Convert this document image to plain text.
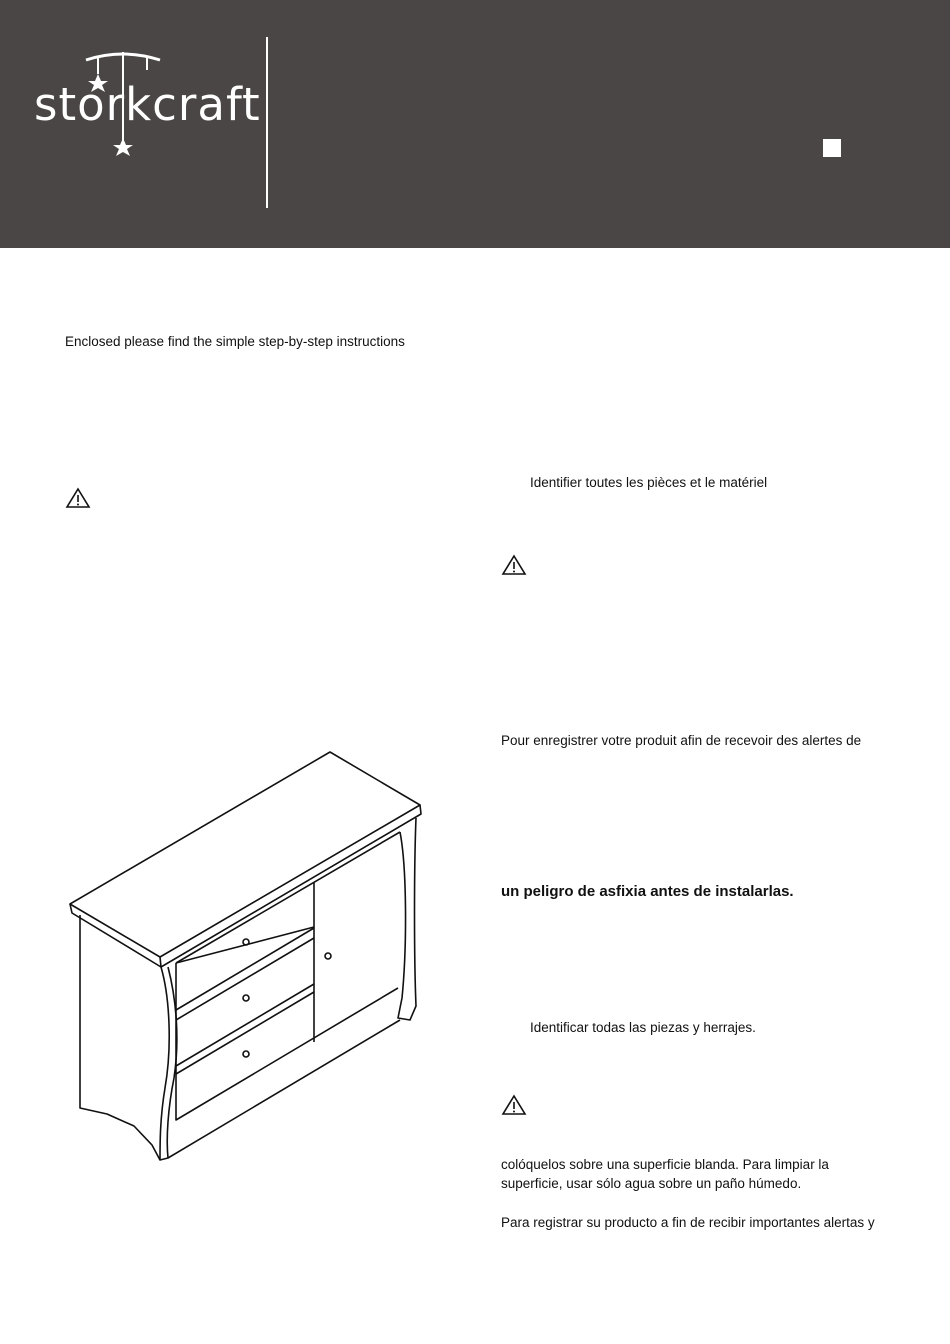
storkcraft
Enclosed please find the simple step-by-step instructions
Identifier toutes les pièces et le matériel
Pour enregistrer votre produit afin de recevoir des alertes de
un peligro de asfixia antes de instalarlas.
Identificar todas las piezas y herrajes.
colóquelos sobre una superficie blanda. Para limpiar la
superficie, usar sólo agua sobre un paño húmedo.
Para registrar su producto a fin de recibir importantes alertas y
